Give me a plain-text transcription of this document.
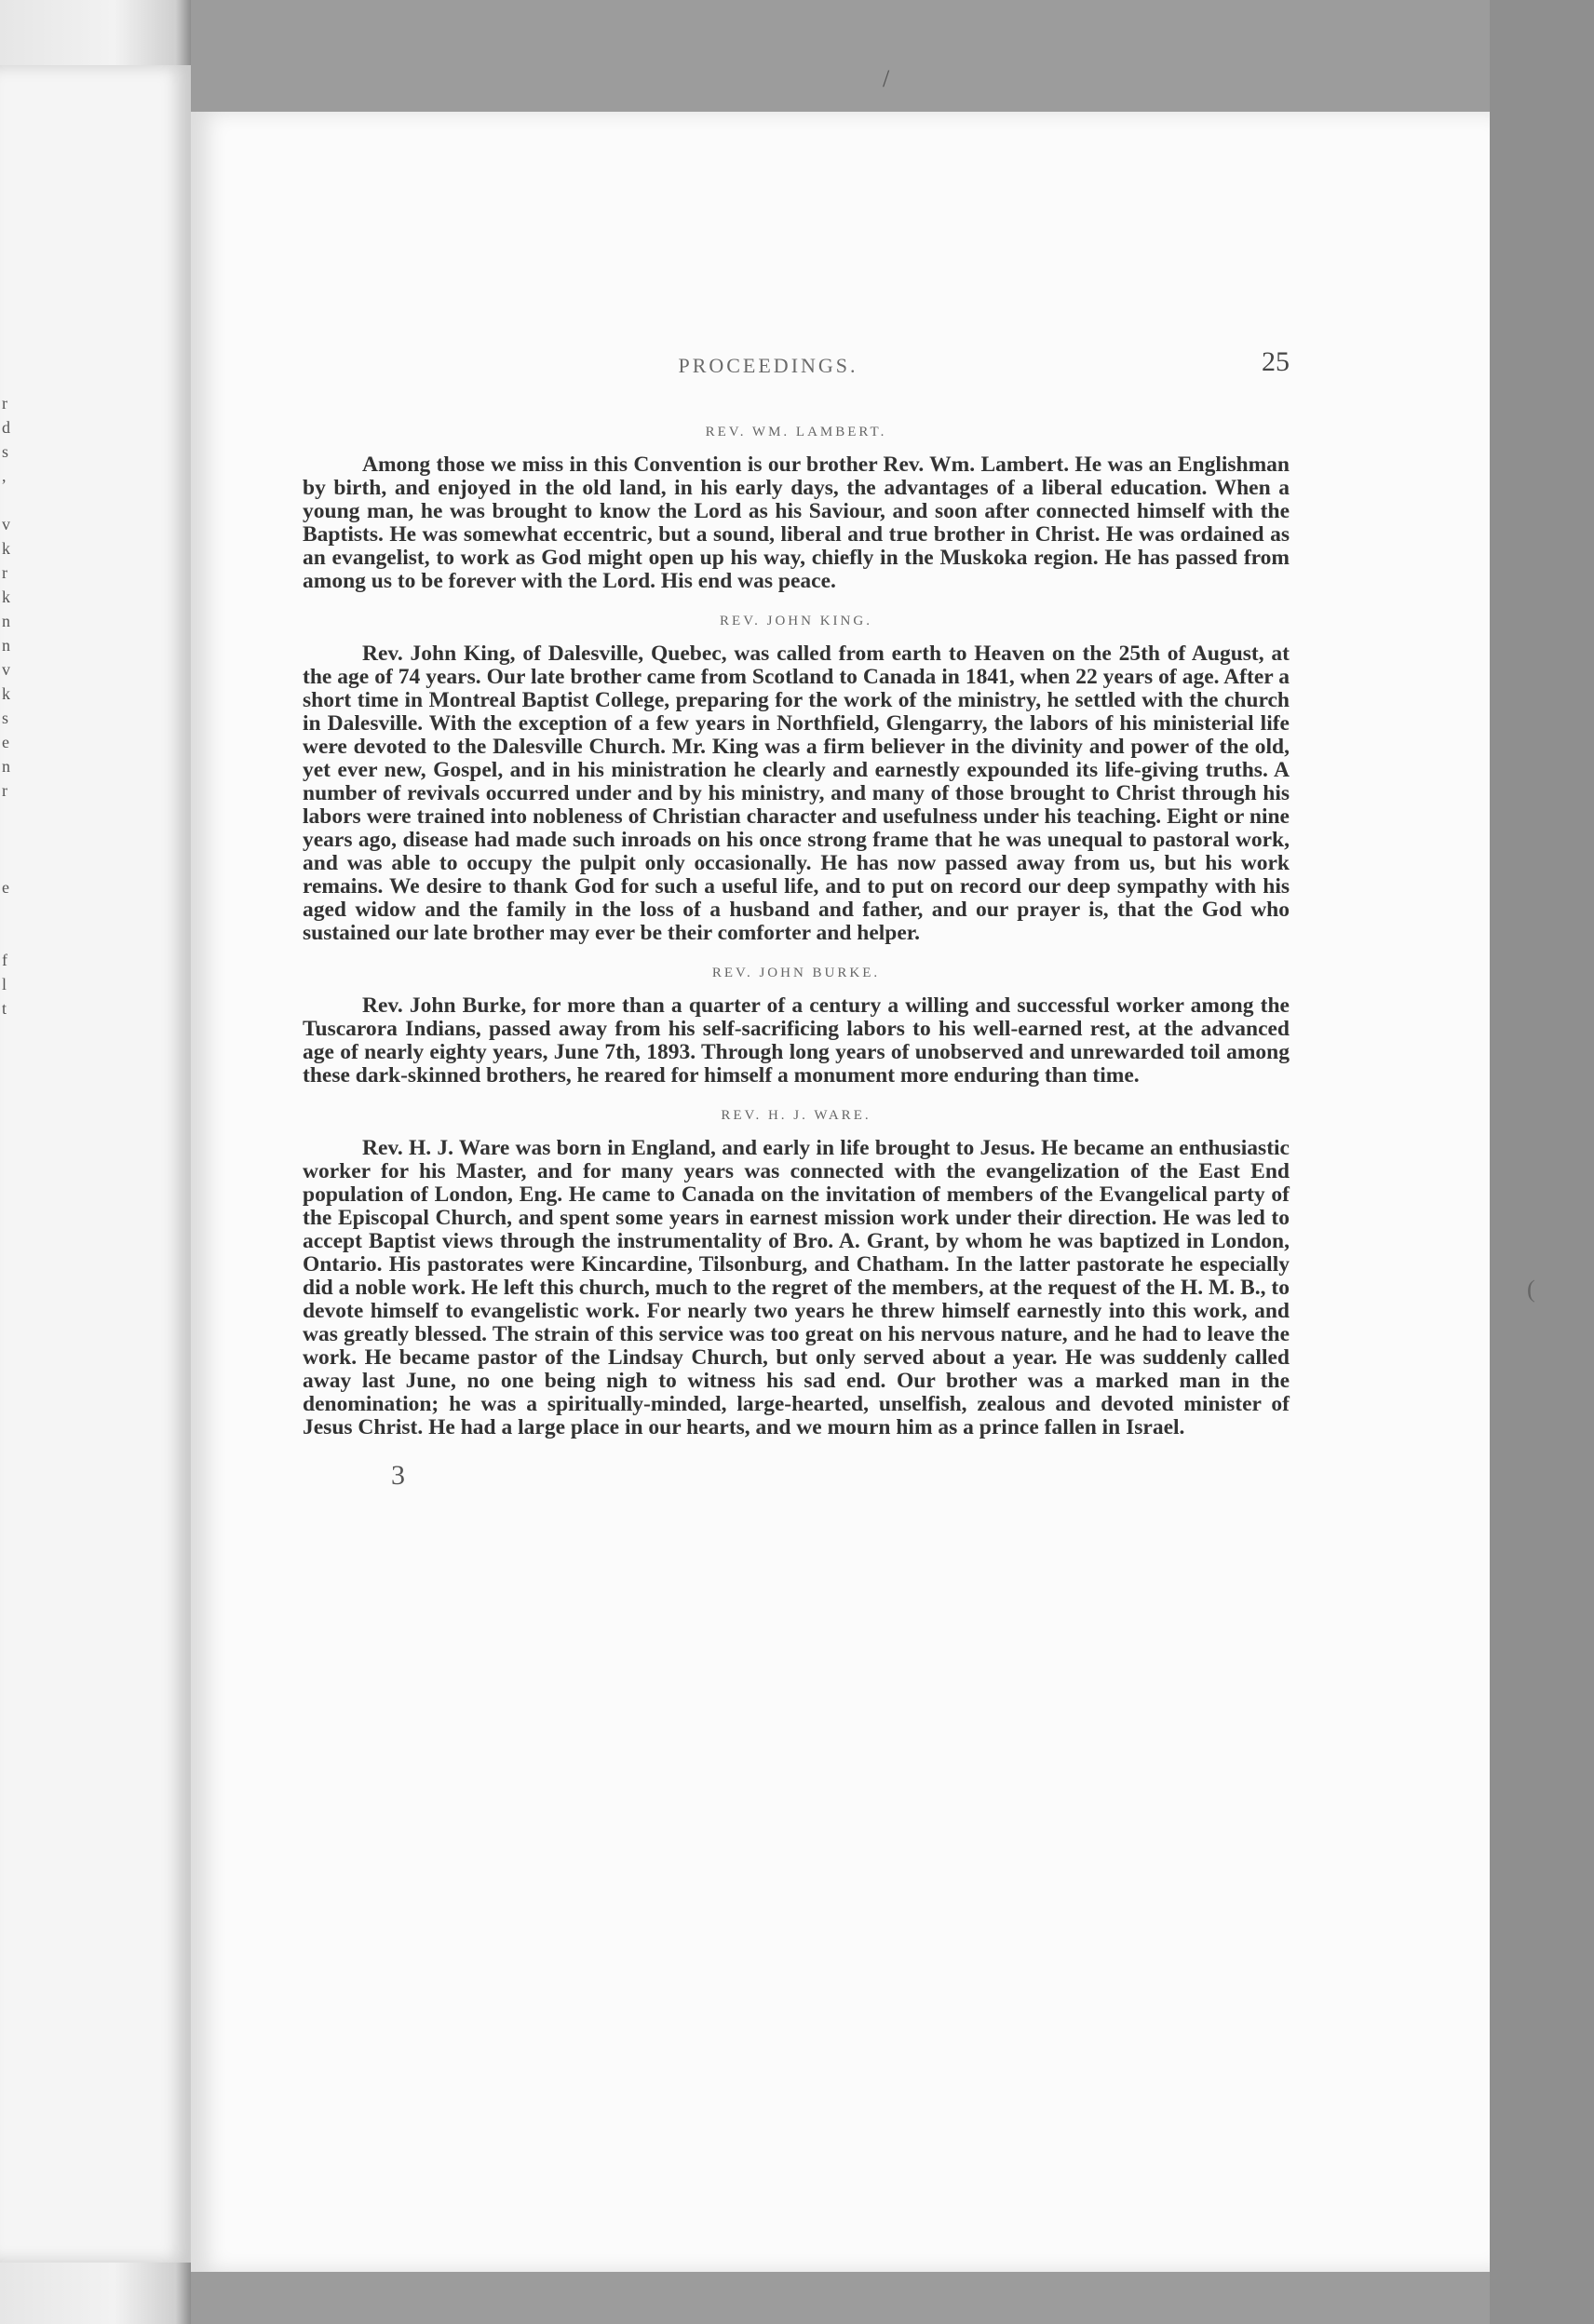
r
d
s
,

v
k
r
k
n
n
v
k
s
e
n
r

e

f
l
t

PROCEEDINGS.	25
REV. WM. LAMBERT.

Among those we miss in this Convention is our brother Rev. Wm. Lambert. He was an Englishman by birth, and enjoyed in the old land, in his early days, the advantages of a liberal education. When a young man, he was brought to know the Lord as his Saviour, and soon after connected himself with the Baptists. He was somewhat eccentric, but a sound, liberal and true brother in Christ. He was ordained as an evangelist, to work as God might open up his way, chiefly in the Muskoka region. He has passed from among us to be forever with the Lord. His end was peace.

REV. JOHN KING.

Rev. John King, of Dalesville, Quebec, was called from earth to Heaven on the 25th of August, at the age of 74 years. Our late brother came from Scotland to Canada in 1841, when 22 years of age. After a short time in Montreal Baptist College, preparing for the work of the ministry, he settled with the church in Dalesville. With the exception of a few years in Northfield, Glengarry, the labors of his ministerial life were devoted to the Dalesville Church. Mr. King was a firm believer in the divinity and power of the old, yet ever new, Gospel, and in his ministration he clearly and earnestly expounded its life-giving truths. A number of revivals occurred under and by his ministry, and many of those brought to Christ through his labors were trained into nobleness of Christian character and usefulness under his teaching. Eight or nine years ago, disease had made such inroads on his once strong frame that he was unequal to pastoral work, and was able to occupy the pulpit only occasionally. He has now passed away from us, but his work remains. We desire to thank God for such a useful life, and to put on record our deep sympathy with his aged widow and the family in the loss of a husband and father, and our prayer is, that the God who sustained our late brother may ever be their comforter and helper.

REV. JOHN BURKE.

Rev. John Burke, for more than a quarter of a century a willing and successful worker among the Tuscarora Indians, passed away from his self-sacrificing labors to his well-earned rest, at the advanced age of nearly eighty years, June 7th, 1893. Through long years of unobserved and unrewarded toil among these dark-skinned brothers, he reared for himself a monument more enduring than time.

REV. H. J. WARE.

Rev. H. J. Ware was born in England, and early in life brought to Jesus. He became an enthusiastic worker for his Master, and for many years was connected with the evangelization of the East End population of London, Eng. He came to Canada on the invitation of members of the Evangelical party of the Episcopal Church, and spent some years in earnest mission work under their direction. He was led to accept Baptist views through the instrumentality of Bro. A. Grant, by whom he was baptized in London, Ontario. His pastorates were Kincardine, Tilsonburg, and Chatham. In the latter pastorate he especially did a noble work. He left this church, much to the regret of the members, at the request of the H. M. B., to devote himself to evangelistic work. For nearly two years he threw himself earnestly into this work, and was greatly blessed. The strain of this service was too great on his nervous nature, and he had to leave the work. He became pastor of the Lindsay Church, but only served about a year. He was suddenly called away last June, no one being nigh to witness his sad end. Our brother was a marked man in the denomination; he was a spiritually-minded, large-hearted, unselfish, zealous and devoted minister of Jesus Christ. He had a large place in our hearts, and we mourn him as a prince fallen in Israel.

3
/
(
